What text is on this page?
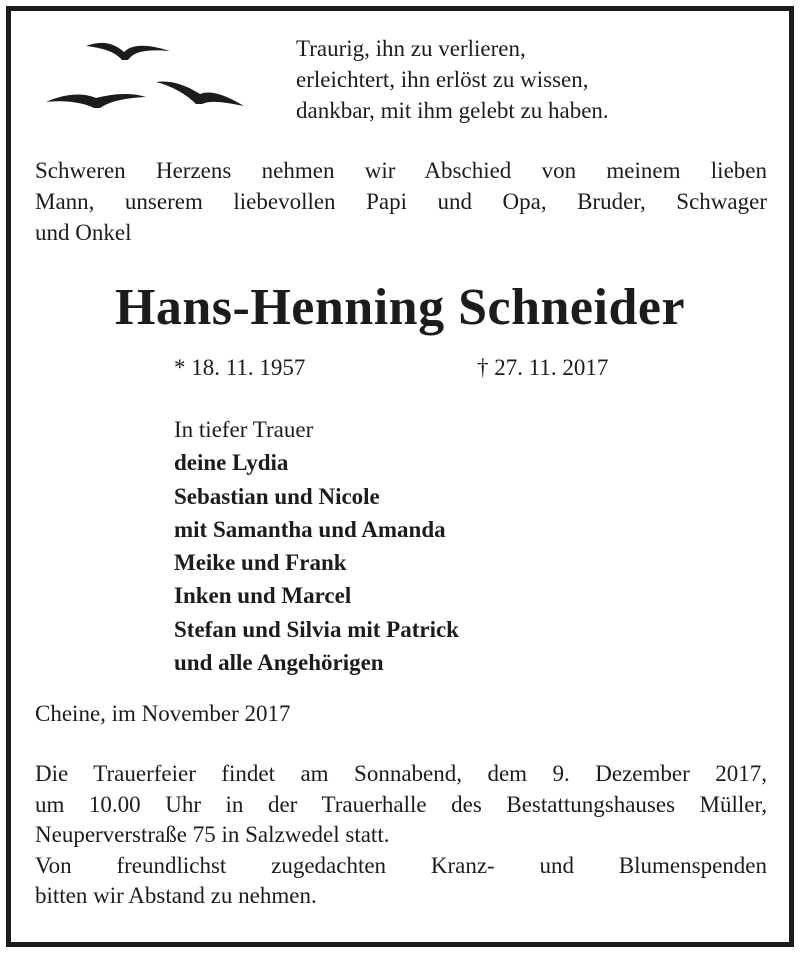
Traurig, ihn zu verlieren,
erleichtert, ihn erlöst zu wissen,
dankbar, mit ihm gelebt zu haben.
Schweren Herzens nehmen wir Abschied von meinem lieben
Mann, unserem liebevollen Papi und Opa, Bruder, Schwager
und Onkel
Hans-Henning Schneider
* 18. 11. 1957	† 27. 11. 2017
In tiefer Trauer
deine Lydia
Sebastian und Nicole
mit Samantha und Amanda
Meike und Frank
Inken und Marcel
Stefan und Silvia mit Patrick
und alle Angehörigen
Cheine, im November 2017
Die Trauerfeier findet am Sonnabend, dem 9. Dezember 2017,
um 10.00 Uhr in der Trauerhalle des Bestattungshauses Müller,
Neuperverstraße 75 in Salzwedel statt.
Von freundlichst zugedachten Kranz- und Blumenspenden
bitten wir Abstand zu nehmen.
